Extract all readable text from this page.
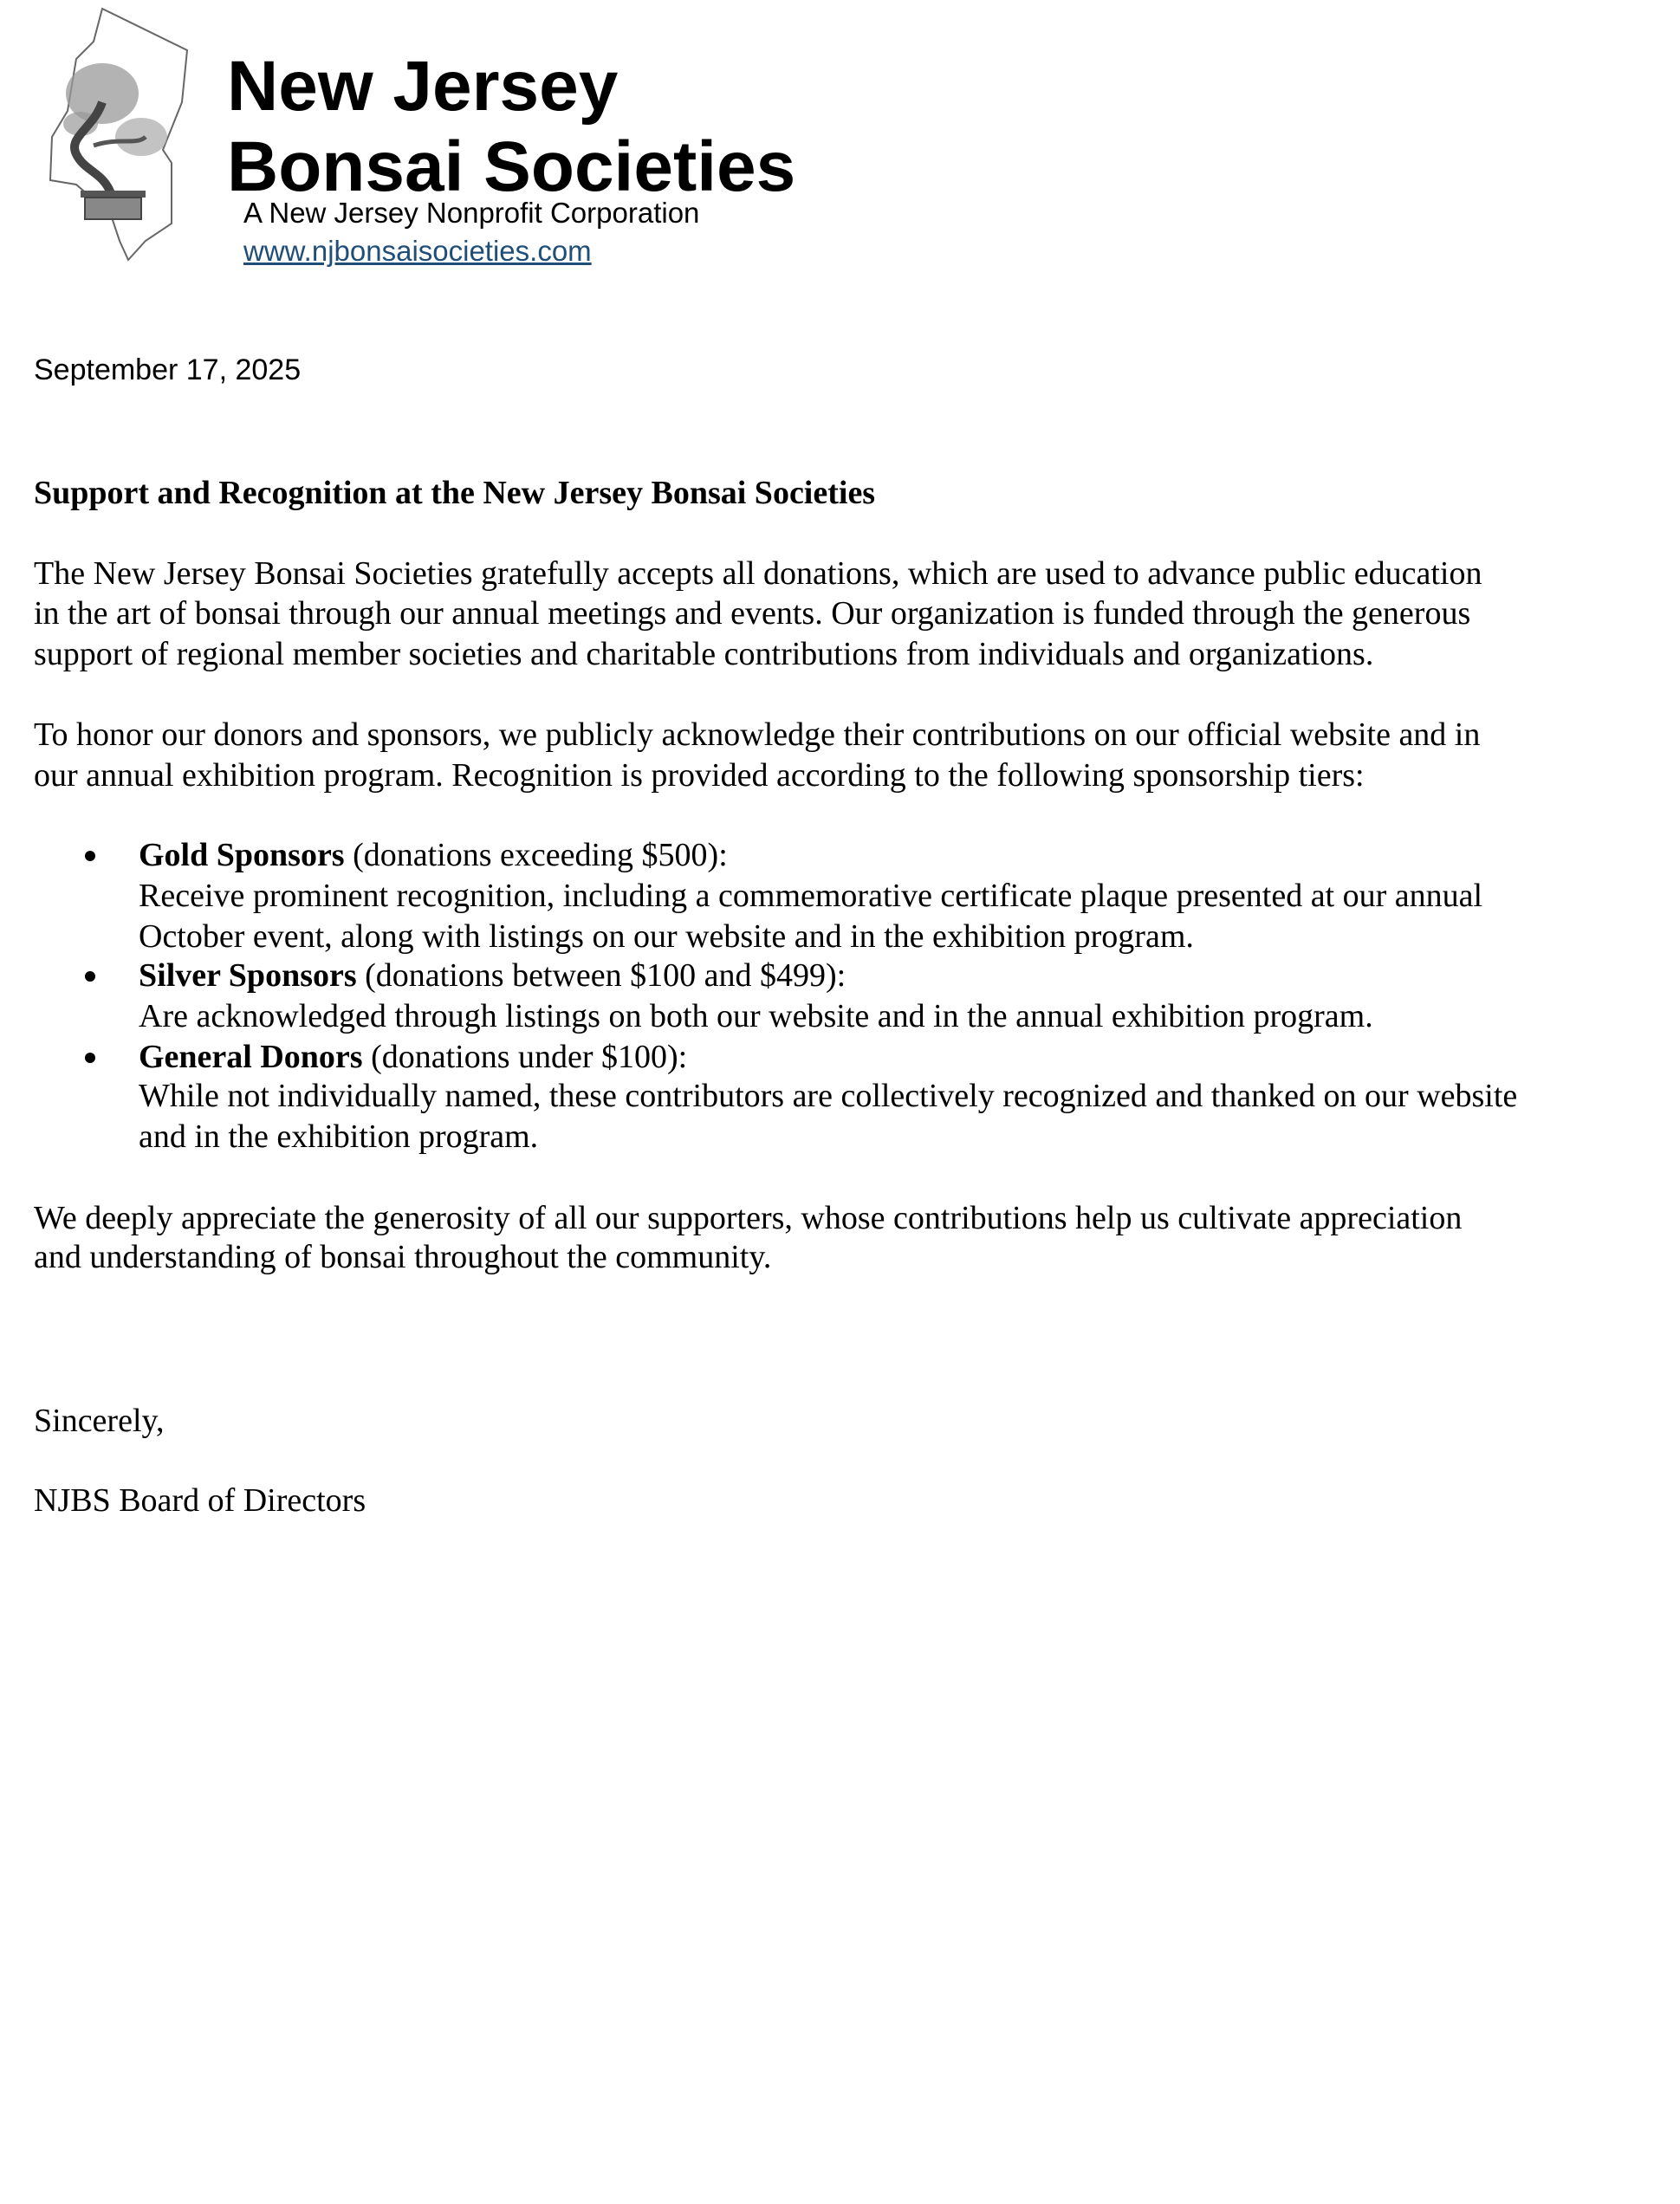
New Jersey
Bonsai Societies
A New Jersey Nonprofit Corporation
www.njbonsaisocieties.com
September 17, 2025
Support and Recognition at the New Jersey Bonsai Societies
The New Jersey Bonsai Societies gratefully accepts all donations, which are used to advance public education
in the art of bonsai through our annual meetings and events. Our organization is funded through the generous
support of regional member societies and charitable contributions from individuals and organizations.
To honor our donors and sponsors, we publicly acknowledge their contributions on our official website and in
our annual exhibition program. Recognition is provided according to the following sponsorship tiers:
Gold Sponsors (donations exceeding $500):
Receive prominent recognition, including a commemorative certificate plaque presented at our annual
October event, along with listings on our website and in the exhibition program.
Silver Sponsors (donations between $100 and $499):
Are acknowledged through listings on both our website and in the annual exhibition program.
General Donors (donations under $100):
While not individually named, these contributors are collectively recognized and thanked on our website
and in the exhibition program.
We deeply appreciate the generosity of all our supporters, whose contributions help us cultivate appreciation
and understanding of bonsai throughout the community.
Sincerely,
NJBS Board of Directors
